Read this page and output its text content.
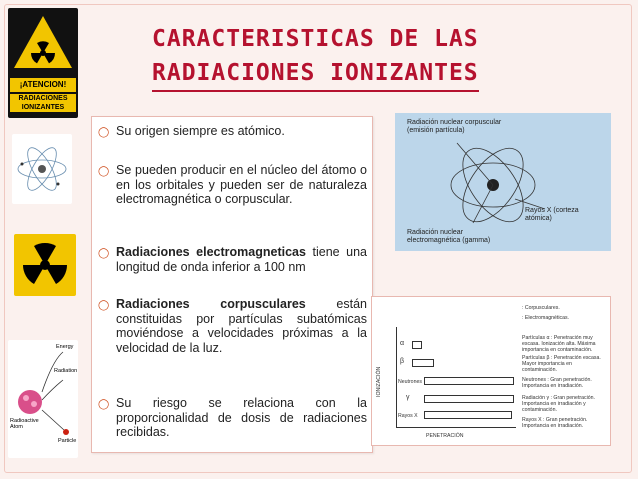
¡ATENCION!
RADIACIONES IONIZANTES
Energy
Radiation
Radioactive Atom
Particle
CARACTERISTICAS DE LAS
RADIACIONES IONIZANTES
◯ Su origen siempre es atómico.
◯ Se pueden producir en el núcleo del átomo o en los orbitales y pueden ser de naturaleza electromagnética o corpuscular.
◯ Radiaciones electromagneticas tiene una longitud de onda inferior a 100 nm
◯ Radiaciones corpusculares están constituidas por partículas subatómicas moviéndose a velocidades próximas a la velocidad de la luz.
◯ Su riesgo se relaciona con la proporcionalidad de dosis de radiaciones recibidas.
Radiación nuclear corpuscular (emisión partícula)
Rayos X (corteza atómica)
Radiación nuclear electromagnética (gamma)
: Corpusculares.
: Electromagnéticas.
Partículas α : Penetración muy escasa. Ionización alta. Máxima importancia en contaminación.
Partículas β : Penetración escasa. Mayor importancia en contaminación.
Neutrones : Gran penetración. Importancia en irradiación.
Radiación γ : Gran penetración. Importancia en irradiación y contaminación.
Rayos X : Gran penetración. Importancia en irradiación.
IONIZACIÓN
PENETRACIÓN
α
β
Neutrones
γ
Rayos X
